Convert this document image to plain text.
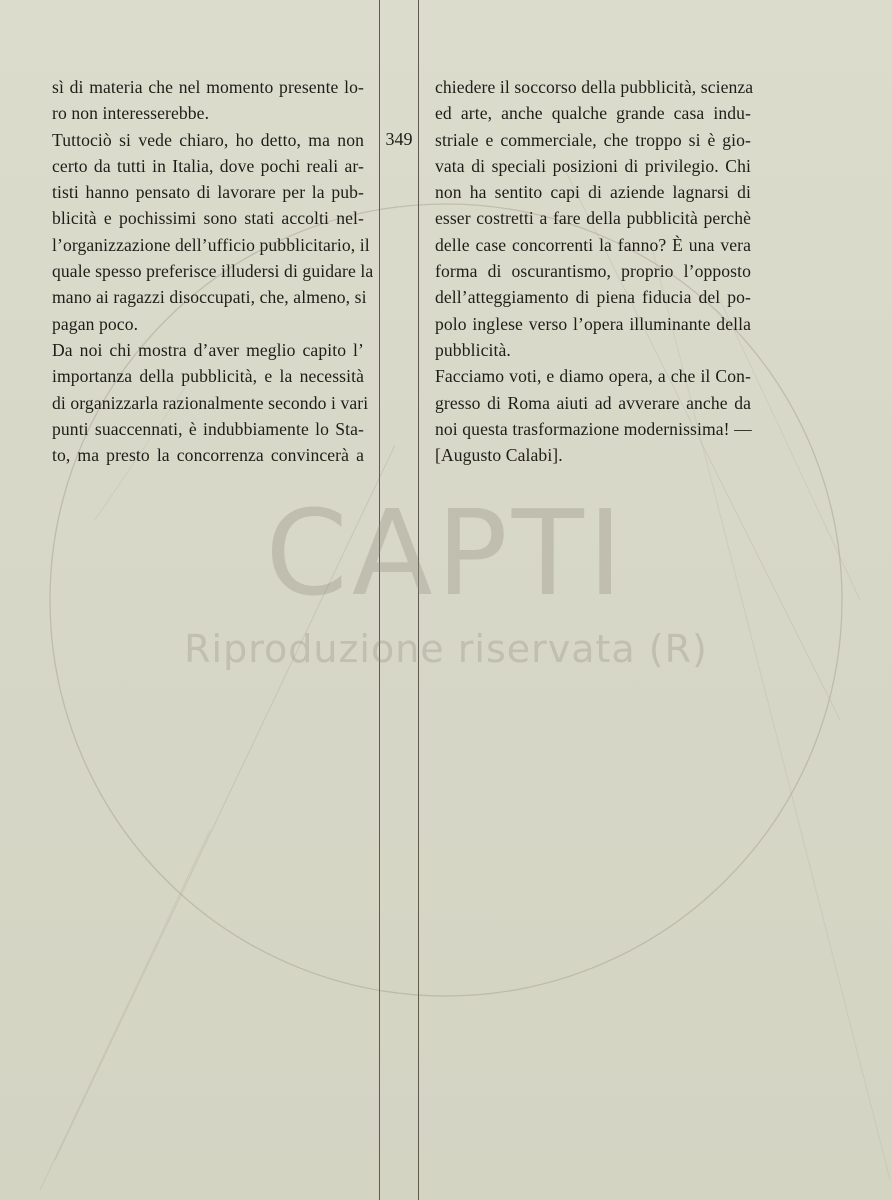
349
sì di materia che nel momento presente lo-
ro non interesserebbe.
Tuttociò si vede chiaro, ho detto, ma non
certo da tutti in Italia, dove pochi reali ar-
tisti hanno pensato di lavorare per la pub-
blicità e pochissimi sono stati accolti nel-
l’organizzazione dell’ufficio pubblicitario, il
quale spesso preferisce illudersi di guidare la
mano ai ragazzi disoccupati, che, almeno, si
pagan poco.
Da noi chi mostra d’aver meglio capito l’
importanza della pubblicità, e la necessità
di organizzarla razionalmente secondo i vari
punti suaccennati, è indubbiamente lo Sta-
to, ma presto la concorrenza convincerà a
chiedere il soccorso della pubblicità, scienza
ed arte, anche qualche grande casa indu-
striale e commerciale, che troppo si è gio-
vata di speciali posizioni di privilegio. Chi
non ha sentito capi di aziende lagnarsi di
esser costretti a fare della pubblicità perchè
delle case concorrenti la fanno? È una vera
forma di oscurantismo, proprio l’opposto
dell’atteggiamento di piena fiducia del po-
polo inglese verso l’opera illuminante della
pubblicità.
Facciamo voti, e diamo opera, a che il Con-
gresso di Roma aiuti ad avverare anche da
noi questa trasformazione modernissima! —
[Augusto Calabi].
CAPTI
Riproduzione riservata (R)
